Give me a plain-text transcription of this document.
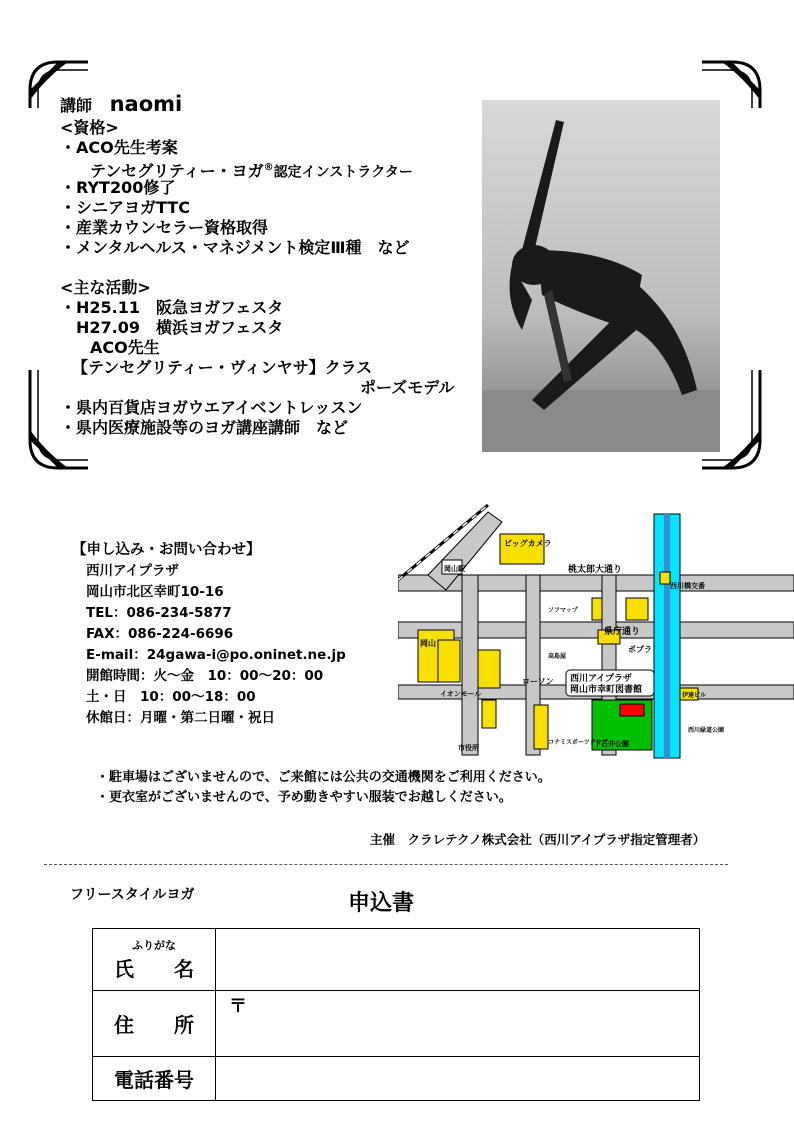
講師 naomi
<資格>
・ACO先生考案
テンセグリティー・ヨガ®認定インストラクター
・RYT200修了
・シニアヨガTTC
・産業カウンセラー資格取得
・メンタルヘルス・マネジメント検定Ⅲ種　など
<主な活動>
・H25.11　阪急ヨガフェスタ
H27.09　横浜ヨガフェスタ
ACO先生
【テンセグリティー・ヴィンヤサ】クラス
ポーズモデル
・県内百貨店ヨガウエアイベントレッスン
・県内医療施設等のヨガ講座講師　など
【申し込み・お問い合わせ】
西川アイプラザ
岡山市北区幸町10-16
TEL：086-234-5877
FAX：086-224-6696
E-mail：24gawa-i@po.oninet.ne.jp
開館時間：火〜金　10：00〜20：00
土・日　10：00〜18：00
休館日：月曜・第二日曜・祝日
岡山駅
西川アイプラザ
岡山市幸町図書館
ビッグカメラ
桃太郎大通り
西川橋交番
県庁通り
岡山
イオンモール
ポプラ
ローソン
下石井公園
市役所
伊達ビル
ソフマップ
高島屋
コナミスポーツクラブ
西川緑道公園
・駐車場はございませんので、ご来館には公共の交通機関をご利用ください。
・更衣室がございませんので、予め動きやすい服装でお越しください。
主催　クラレテクノ株式会社（西川アイプラザ指定管理者）
フリースタイルヨガ	申込書
ふりがな
氏　　名	

住　　所	〒
電話番号	
